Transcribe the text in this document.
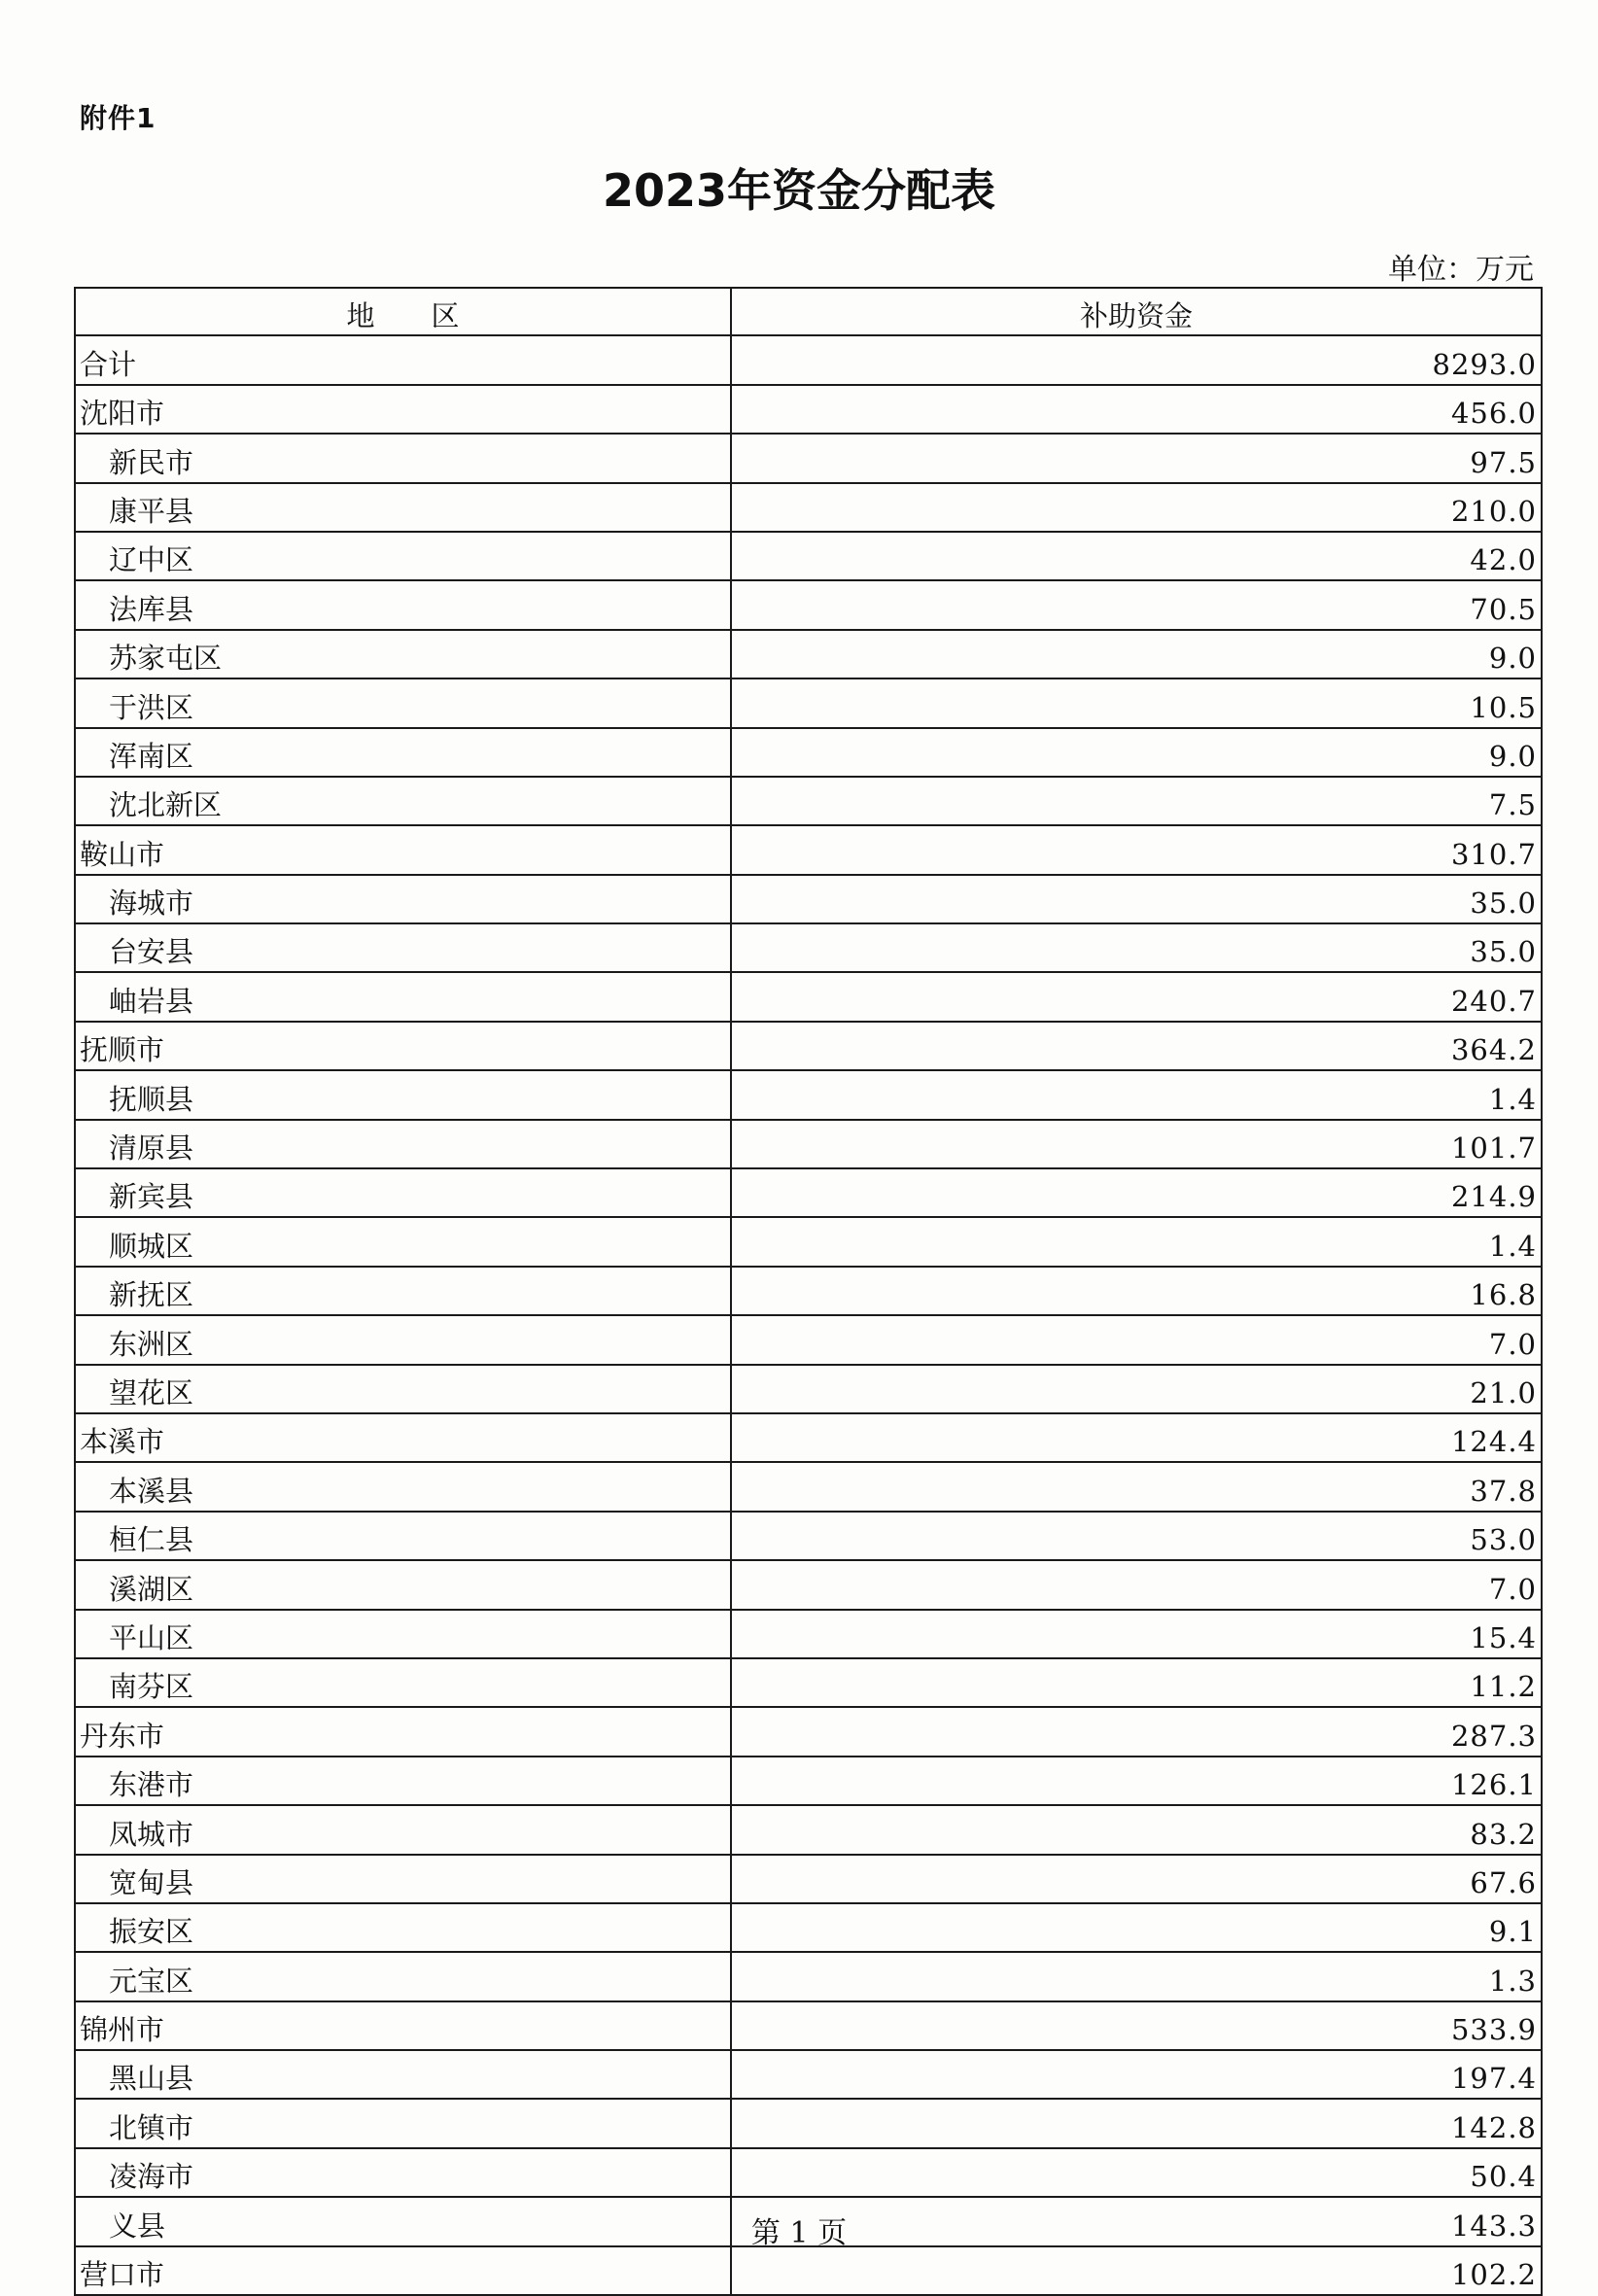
附件1
2023年资金分配表
单位：万元
地　　区	补助资金
合计	8293.0
沈阳市	456.0
新民市	97.5
康平县	210.0
辽中区	42.0
法库县	70.5
苏家屯区	9.0
于洪区	10.5
浑南区	9.0
沈北新区	7.5
鞍山市	310.7
海城市	35.0
台安县	35.0
岫岩县	240.7
抚顺市	364.2
抚顺县	1.4
清原县	101.7
新宾县	214.9
顺城区	1.4
新抚区	16.8
东洲区	7.0
望花区	21.0
本溪市	124.4
本溪县	37.8
桓仁县	53.0
溪湖区	7.0
平山区	15.4
南芬区	11.2
丹东市	287.3
东港市	126.1
凤城市	83.2
宽甸县	67.6
振安区	9.1
元宝区	1.3
锦州市	533.9
黑山县	197.4
北镇市	142.8
凌海市	50.4
义县	143.3
营口市	102.2
第 1 页
